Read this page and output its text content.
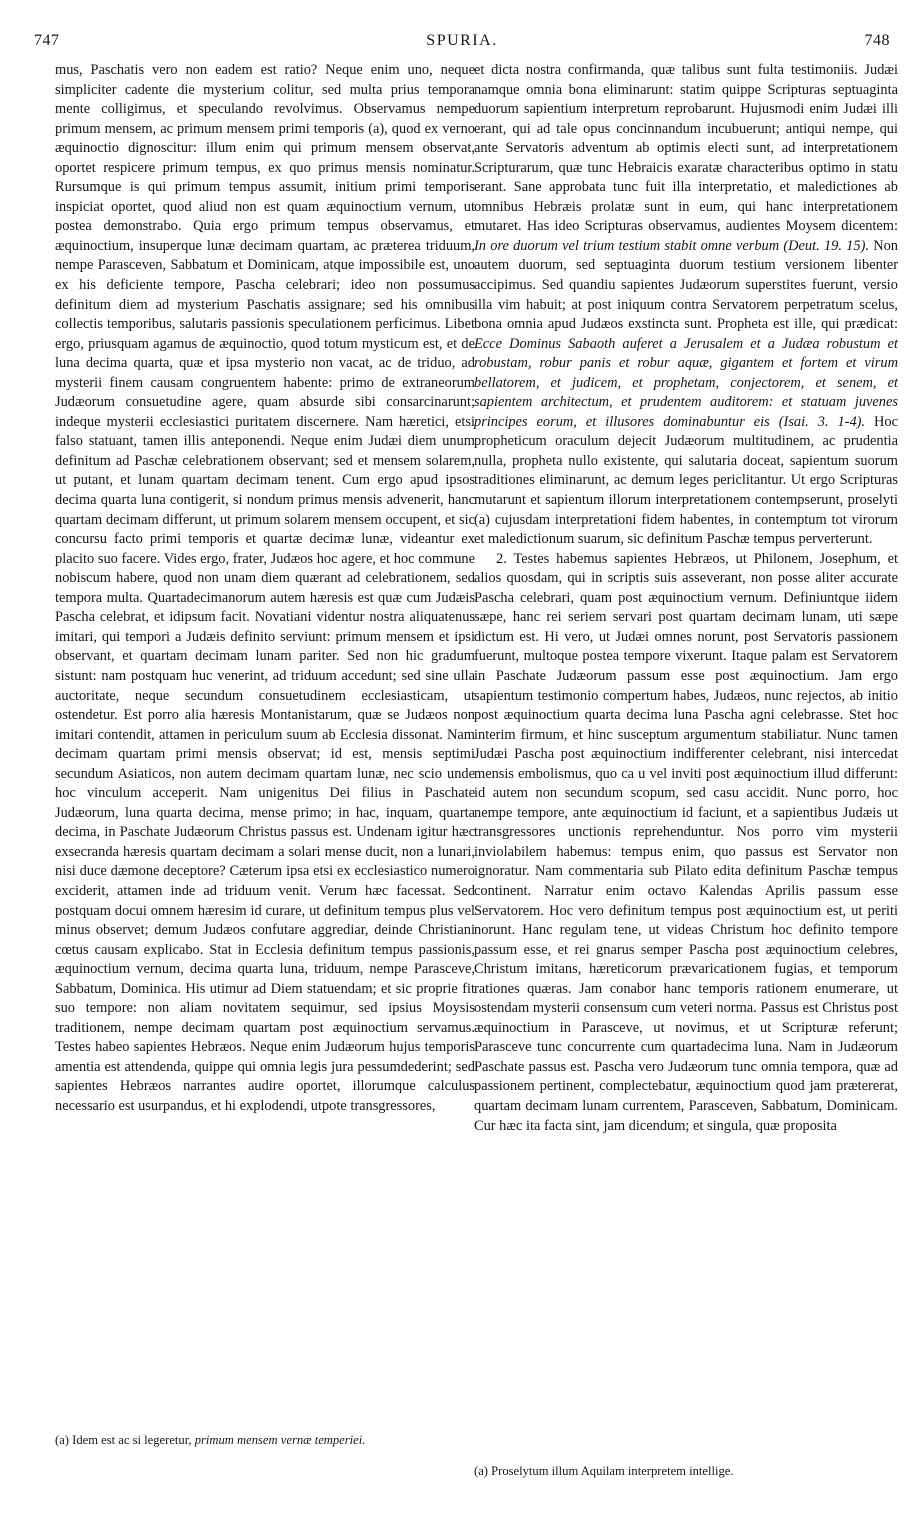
747	SPURIA.	748

mus, Paschatis vero non eadem est ratio? Neque enim uno, neque simpliciter cadente die mysterium colitur, sed multa prius tempora mente colligimus, et speculando revolvimus. Observamus nempe primum mensem, ac primum mensem primi temporis (a), quod ex verno æquinoctio dignoscitur: illum enim qui primum mensem observat, oportet respicere primum tempus, ex quo primus mensis nominatur. Rursumque is qui primum tempus assumit, initium primi temporis inspiciat oportet, quod aliud non est quam æquinoctium vernum, ut postea demonstrabo. Quia ergo primum tempus observamus, et æquinoctium, insuperque lunæ decimam quartam, ac præterea triduum, nempe Parasceven, Sabbatum et Dominicam, atque impossibile est, uno ex his deficiente tempore, Pascha celebrari; ideo non possumus definitum diem ad mysterium Paschatis assignare; sed his omnibus collectis temporibus, salutaris passionis speculationem perficimus. Libet ergo, priusquam agamus de æquinoctio, quod totum mysticum est, et de luna decima quarta, quæ et ipsa mysterio non vacat, ac de triduo, ad mysterii finem causam congruentem habente: primo de extraneorum Judæorum consuetudine agere, quam absurde sibi consarcinarunt; indeque mysterii ecclesiastici puritatem discernere. Nam hæretici, etsi falso statuant, tamen illis anteponendi. Neque enim Judæi diem unum definitum ad Paschæ celebrationem observant; sed et mensem solarem, ut putant, et lunam quartam decimam tenent. Cum ergo apud ipsos decima quarta luna contigerit, si nondum primus mensis advenerit, hanc quartam decimam differunt, ut primum solarem mensem occupent, et sic concursu facto primi temporis et quartæ decimæ lunæ, videantur ex placito suo facere. Vides ergo, frater, Judæos hoc agere, et hoc commune nobiscum habere, quod non unam diem quærant ad celebrationem, sed tempora multa. Quartadecimanorum autem hæresis est quæ cum Judæis Pascha celebrat, et idipsum facit. Novatiani videntur nostra aliquatenus imitari, qui tempori a Judæis definito serviunt: primum mensem et ipsi observant, et quartam decimam lunam pariter. Sed non hic gradum sistunt: nam postquam huc venerint, ad triduum accedunt; sed sine ulla auctoritate, neque secundum consuetudinem ecclesiasticam, ut ostendetur. Est porro alia hæresis Montanistarum, quæ se Judæos non imitari contendit, attamen in periculum suum ab Ecclesia dissonat. Nam decimam quartam primi mensis observat; id est, mensis septimi secundum Asiaticos, non autem decimam quartam lunæ, nec scio unde hoc vinculum acceperit. Nam unigenitus Dei filius in Paschate Judæorum, luna quarta decima, mense primo; in hac, inquam, quarta decima, in Paschate Judæorum Christus passus est. Undenam igitur hæc exsecranda hæresis quartam decimam a solari mense ducit, non a lunari, nisi duce dæmone deceptore? Cæterum ipsa etsi ex ecclesiastico numero exciderit, attamen inde ad triduum venit. Verum hæc facessat. Sed postquam docui omnem hæresim id curare, ut definitum tempus plus vel minus observet; demum Judæos confutare aggrediar, deinde Christiani cœtus causam explicabo. Stat in Ecclesia definitum tempus passionis, æquinoctium vernum, decima quarta luna, triduum, nempe Parasceve, Sabbatum, Dominica. His utimur ad Diem statuendam; et sic proprie fit suo tempore: non aliam novitatem sequimur, sed ipsius Moysis traditionem, nempe decimam quartam post æquinoctium servamus. Testes habeo sapientes Hebræos. Neque enim Judæorum hujus temporis amentia est attendenda, quippe qui omnia legis jura pessumdederint; sed sapientes Hebræos narrantes audire oportet, illorumque calculus necessario est usurpandus, et hi explodendi, utpote transgressores,

et dicta nostra confirmanda, quæ talibus sunt fulta testimoniis. Judæi namque omnia bona eliminarunt: statim quippe Scripturas septuaginta duorum sapientium interpretum reprobarunt. Hujusmodi enim Judæi illi erant, qui ad tale opus concinnandum incubuerunt; antiqui nempe, qui ante Servatoris adventum ab optimis electi sunt, ad interpretationem Scripturarum, quæ tunc Hebraicis exaratæ characteribus optimo in statu erant. Sane approbata tunc fuit illa interpretatio, et maledictiones ab omnibus Hebræis prolatæ sunt in eum, qui hanc interpretationem mutaret. Has ideo Scripturas observamus, audientes Moysem dicentem: In ore duorum vel trium testium stabit omne verbum (Deut. 19. 15). Non autem duorum, sed septuaginta duorum testium versionem libenter accipimus. Sed quandiu sapientes Judæorum superstites fuerunt, versio illa vim habuit; at post iniquum contra Servatorem perpetratum scelus, bona omnia apud Judæos exstincta sunt. Propheta est ille, qui prædicat: Ecce Dominus Sabaoth auferet a Jerusalem et a Judæa robustum et robustam, robur panis et robur aquæ, gigantem et fortem et virum bellatorem, et judicem, et prophetam, conjectorem, et senem, et sapientem architectum, et prudentem auditorem: et statuam juvenes principes eorum, et illusores dominabuntur eis (Isai. 3. 1-4). Hoc propheticum oraculum dejecit Judæorum multitudinem, ac prudentia nulla, propheta nullo existente, qui salutaria doceat, sapientum suorum traditiones eliminarunt, ac demum leges periclitantur. Ut ergo Scripturas mutarunt et sapientum illorum interpretationem contempserunt, proselyti (a) cujusdam interpretationi fidem habentes, in contemptum tot virorum et maledictionum suarum, sic definitum Paschæ tempus perverterunt.

2. Testes habemus sapientes Hebræos, ut Philonem, Josephum, et alios quosdam, qui in scriptis suis asseverant, non posse aliter accurate Pascha celebrari, quam post æquinoctium vernum. Definiuntque iidem sæpe, hanc rei seriem servari post quartam decimam lunam, uti sæpe dictum est. Hi vero, ut Judæi omnes norunt, post Servatoris passionem fuerunt, multoque postea tempore vixerunt. Itaque palam est Servatorem in Paschate Judæorum passum esse post æquinoctium. Jam ergo sapientum testimonio compertum habes, Judæos, nunc rejectos, ab initio post æquinoctium quarta decima luna Pascha agni celebrasse. Stet hoc interim firmum, et hinc susceptum argumentum stabiliatur. Nunc tamen Judæi Pascha post æquinoctium indifferenter celebrant, nisi intercedat mensis embolismus, quo ca u vel inviti post æquinoctium illud differunt: id autem non secundum scopum, sed casu accidit. Nunc porro, hoc nempe tempore, ante æquinoctium id faciunt, et a sapientibus Judæis ut transgressores unctionis reprehenduntur. Nos porro vim mysterii inviolabilem habemus: tempus enim, quo passus est Servator non ignoratur. Nam commentaria sub Pilato edita definitum Paschæ tempus continent. Narratur enim octavo Kalendas Aprilis passum esse Servatorem. Hoc vero definitum tempus post æquinoctium est, ut periti norunt. Hanc regulam tene, ut videas Christum hoc definito tempore passum esse, et rei gnarus semper Pascha post æquinoctium celebres, Christum imitans, hæreticorum prævaricationem fugias, et temporum rationes quæras. Jam conabor hanc temporis rationem enumerare, ut ostendam mysterii consensum cum veteri norma. Passus est Christus post æquinoctium in Parasceve, ut novimus, et ut Scripturæ referunt; Parasceve tunc concurrente cum quartadecima luna. Nam in Judæorum Paschate passus est. Pascha vero Judæorum tunc omnia tempora, quæ ad passionem pertinent, complectebatur, æquinoctium quod jam prætererat, quartam decimam lunam currentem, Parasceven, Sabbatum, Dominicam. Cur hæc ita facta sint, jam dicendum; et singula, quæ proposita

(a) Idem est ac si legeretur, primum mensem vernæ temperiei.
(a) Proselytum illum Aquilam interpretem intellige.
